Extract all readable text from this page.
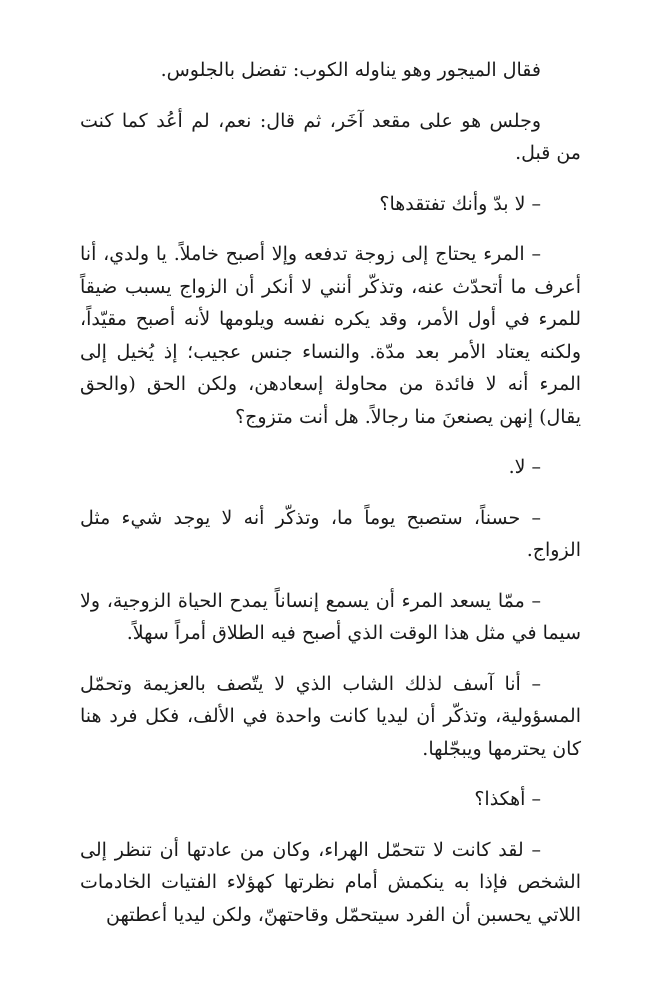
فقال الميجور وهو يناوله الكوب: تفضل بالجلوس.

وجلس هو على مقعد آخَر، ثم قال: نعم، لم أعُد كما كنت من قبل.

– لا بدّ وأنك تفتقدها؟

– المرء يحتاج إلى زوجة تدفعه وإلا أصبح خاملاً. يا ولدي، أنا أعرف ما أتحدّث عنه، وتذكّر أنني لا أنكر أن الزواج يسبب ضيقاً للمرء في أول الأمر، وقد يكره نفسه ويلومها لأنه أصبح مقيّداً، ولكنه يعتاد الأمر بعد مدّة. والنساء جنس عجيب؛ إذ يُخيل إلى المرء أنه لا فائدة من محاولة إسعادهن، ولكن الحق (والحق يقال) إنهن يصنعنَ منا رجالاً. هل أنت متزوج؟

– لا.

– حسناً، ستصبح يوماً ما، وتذكّر أنه لا يوجد شيء مثل الزواج.

– ممّا يسعد المرء أن يسمع إنساناً يمدح الحياة الزوجية، ولا سيما في مثل هذا الوقت الذي أصبح فيه الطلاق أمراً سهلاً.

– أنا آسف لذلك الشاب الذي لا يتّصف بالعزيمة وتحمّل المسؤولية، وتذكّر أن ليديا كانت واحدة في الألف، فكل فرد هنا كان يحترمها ويبجّلها.

– أهكذا؟

– لقد كانت لا تتحمّل الهراء، وكان من عادتها أن تنظر إلى الشخص فإذا به ينكمش أمام نظرتها كهؤلاء الفتيات الخادمات اللاتي يحسبن أن الفرد سيتحمّل وقاحتهنّ، ولكن ليديا أعطتهن
